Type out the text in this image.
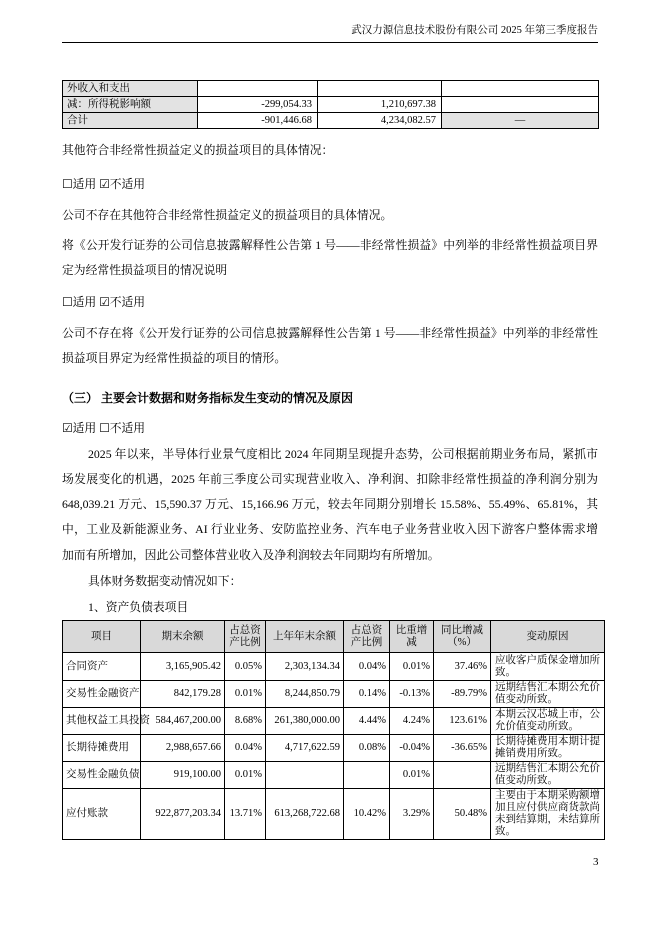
武汉力源信息技术股份有限公司 2025 年第三季度报告
外收入和支出			
减：所得税影响额	-299,054.33	1,210,697.38	
合计	-901,446.68	4,234,082.57	—
其他符合非经常性损益定义的损益项目的具体情况：
☐适用 ☑不适用
公司不存在其他符合非经常性损益定义的损益项目的具体情况。
将《公开发行证券的公司信息披露解释性公告第 1 号——非经常性损益》中列举的非经常性损益项目界
定为经常性损益项目的情况说明
☐适用 ☑不适用
公司不存在将《公开发行证券的公司信息披露解释性公告第 1 号——非经常性损益》中列举的非经常性
损益项目界定为经常性损益的项目的情形。
（三） 主要会计数据和财务指标发生变动的情况及原因
☑适用 ☐不适用
2025 年以来，半导体行业景气度相比 2024 年同期呈现提升态势，公司根据前期业务布局，紧抓市
场发展变化的机遇，2025 年前三季度公司实现营业收入、净利润、扣除非经常性损益的净利润分别为
648,039.21 万元、15,590.37 万元、15,166.96 万元，较去年同期分别增长 15.58%、55.49%、65.81%，其
中，工业及新能源业务、AI 行业业务、安防监控业务、汽车电子业务营业收入因下游客户整体需求增
加而有所增加，因此公司整体营业收入及净利润较去年同期均有所增加。
具体财务数据变动情况如下：
1、资产负债表项目
项目	期末余额	占总资产比例	上年年末余额	占总资产比例	比重增减	同比增减（%）	变动原因
合同资产	3,165,905.42	0.05%	2,303,134.34	0.04%	0.01%	37.46%	应收客户质保金增加所致。
交易性金融资产	842,179.28	0.01%	8,244,850.79	0.14%	-0.13%	-89.79%	远期结售汇本期公允价值变动所致。
其他权益工具投资	584,467,200.00	8.68%	261,380,000.00	4.44%	4.24%	123.61%	本期云汉芯城上市，公允价值变动所致。
长期待摊费用	2,988,657.66	0.04%	4,717,622.59	0.08%	-0.04%	-36.65%	长期待摊费用本期计提摊销费用所致。
交易性金融负债	919,100.00	0.01%			0.01%		远期结售汇本期公允价值变动所致。
应付账款	922,877,203.34	13.71%	613,268,722.68	10.42%	3.29%	50.48%	主要由于本期采购额增加且应付供应商货款尚未到结算期，未结算所致。
3
